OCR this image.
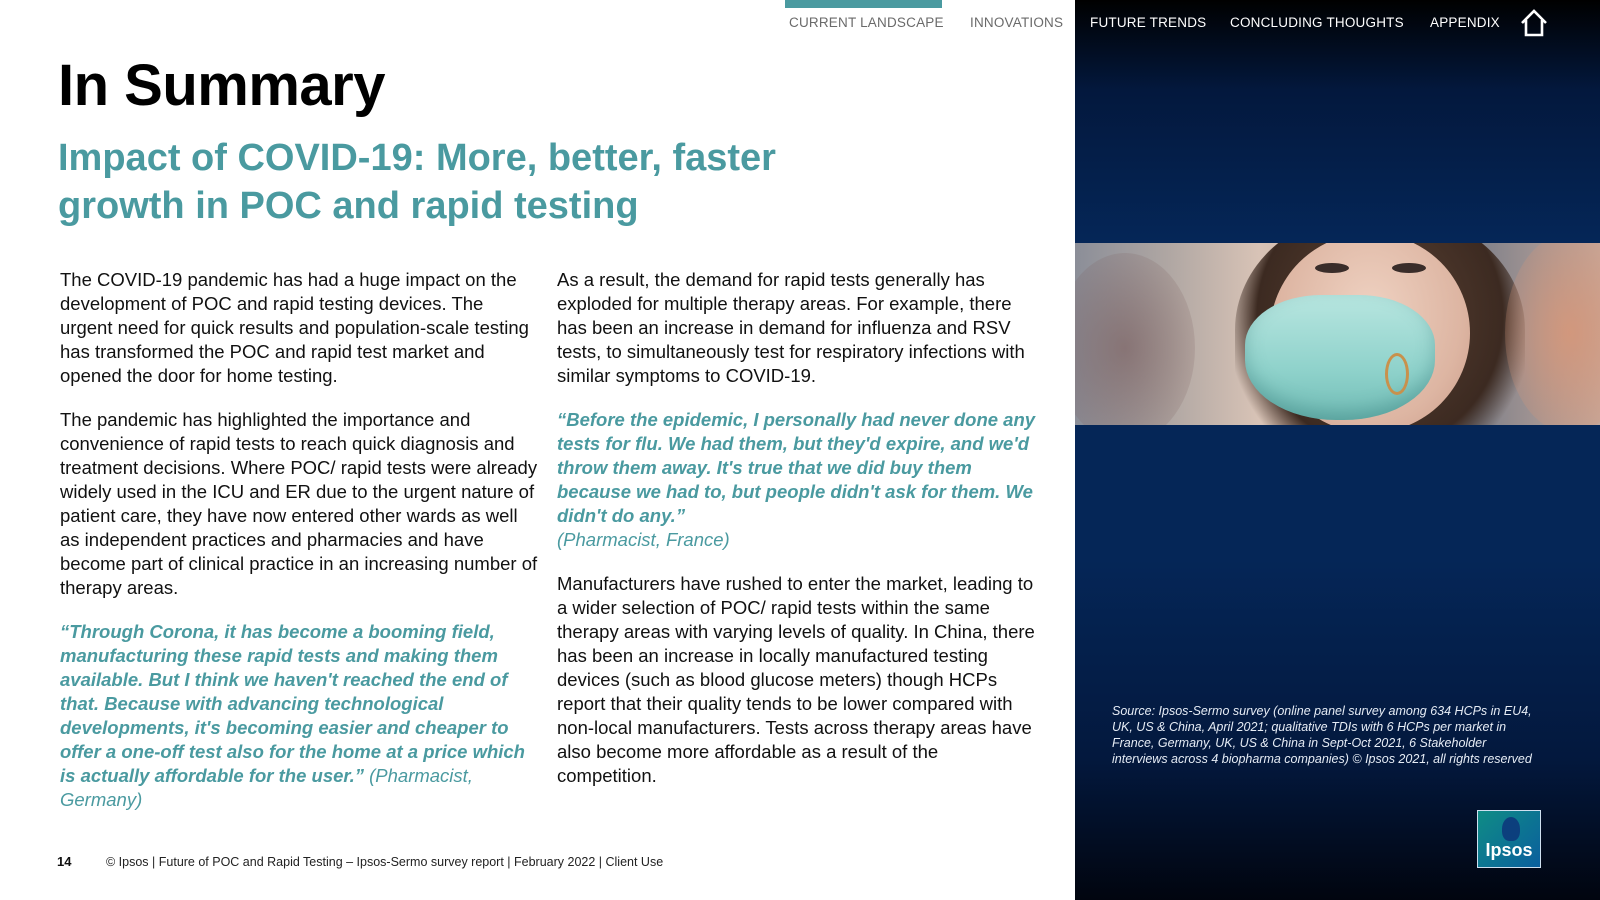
Source: Ipsos-Sermo survey (online panel survey among 634 HCPs in EU4, UK, US & China, April 2021; qualitative TDIs with 6 HCPs per market in France, Germany, UK, US & China in Sept-Oct 2021, 6 Stakeholder interviews across 4 biopharma companies) © Ipsos 2021, all rights reserved
Ipsos
CURRENT LANDSCAPE INNOVATIONS FUTURE TRENDS CONCLUDING THOUGHTS APPENDIX
In Summary
Impact of COVID-19: More, better, faster growth in POC and rapid testing

The COVID-19 pandemic has had a huge impact on the development of POC and rapid testing devices. The urgent need for quick results and population-scale testing has transformed the POC and rapid test market and opened the door for home testing.

The pandemic has highlighted the importance and convenience of rapid tests to reach quick diagnosis and treatment decisions. Where POC/ rapid tests were already widely used in the ICU and ER due to the urgent nature of patient care, they have now entered other wards as well as independent practices and pharmacies and have become part of clinical practice in an increasing number of therapy areas.

“Through Corona, it has become a booming field, manufacturing these rapid tests and making them available. But I think we haven't reached the end of that. Because with advancing technological developments, it's becoming easier and cheaper to offer a one-off test also for the home at a price which is actually affordable for the user.” (Pharmacist, Germany)

As a result, the demand for rapid tests generally has exploded for multiple therapy areas. For example, there has been an increase in demand for influenza and RSV tests, to simultaneously test for respiratory infections with similar symptoms to COVID-19.

“Before the epidemic, I personally had never done any tests for flu. We had them, but they'd expire, and we'd throw them away. It's true that we did buy them because we had to, but people didn't ask for them. We didn't do any.”
(Pharmacist, France)

Manufacturers have rushed to enter the market, leading to a wider selection of POC/ rapid tests within the same therapy areas with varying levels of quality. In China, there has been an increase in locally manufactured testing devices (such as blood glucose meters) though HCPs report that their quality tends to be lower compared with non-local manufacturers. Tests across therapy areas have also become more affordable as a result of the competition.

14	© Ipsos | Future of POC and Rapid Testing – Ipsos-Sermo survey report | February 2022 | Client Use
